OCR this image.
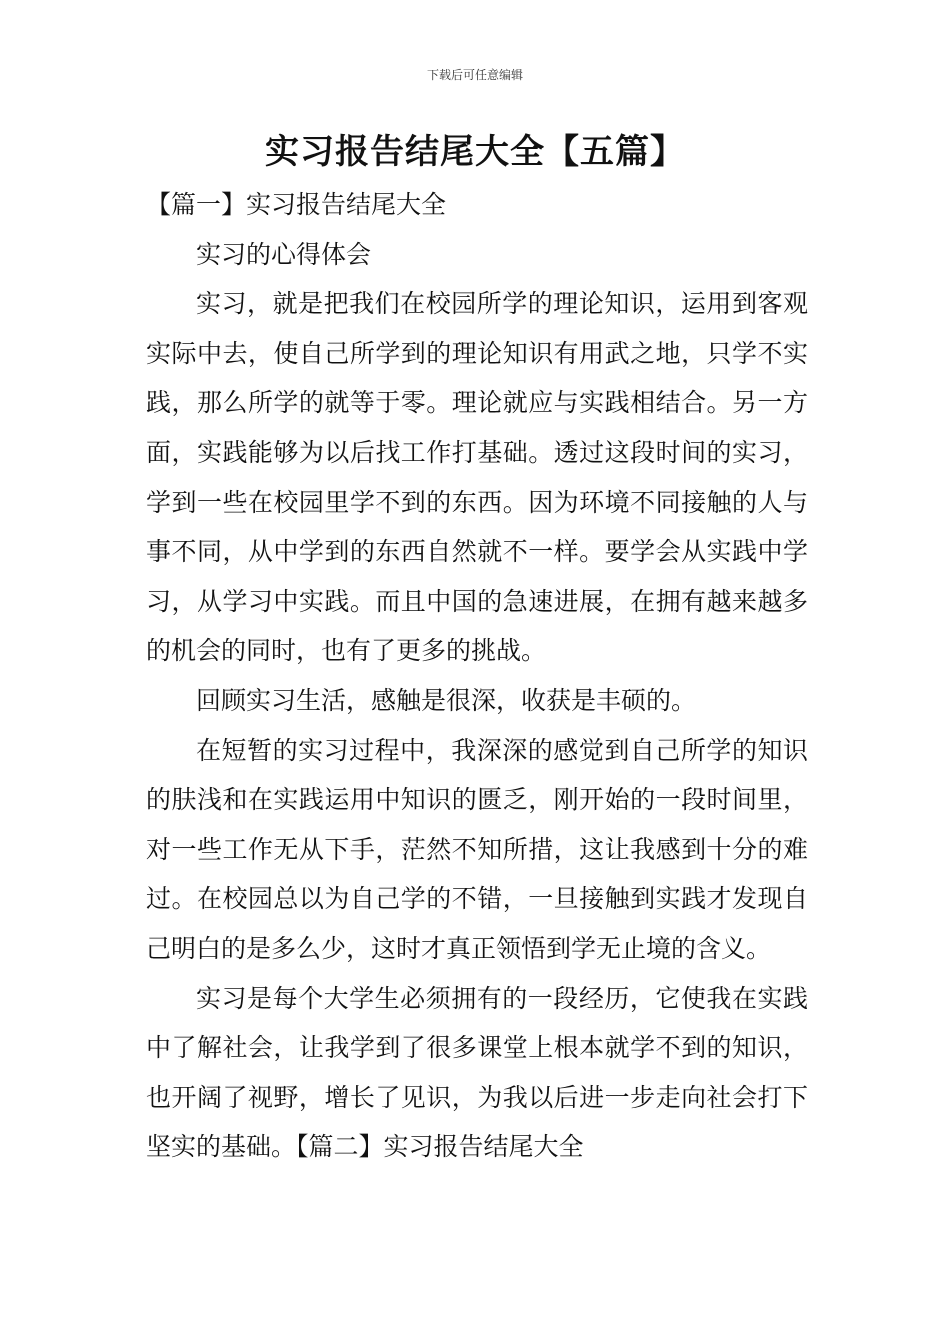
下载后可任意编辑
实习报告结尾大全【五篇】

【篇一】实习报告结尾大全

实习的心得体会

实习，就是把我们在校园所学的理论知识，运用到客观实际中去，使自己所学到的理论知识有用武之地，只学不实践，那么所学的就等于零。理论就应与实践相结合。另一方面，实践能够为以后找工作打基础。透过这段时间的实习，学到一些在校园里学不到的东西。因为环境不同接触的人与事不同，从中学到的东西自然就不一样。要学会从实践中学习，从学习中实践。而且中国的急速进展，在拥有越来越多的机会的同时，也有了更多的挑战。

回顾实习生活，感触是很深，收获是丰硕的。

在短暂的实习过程中，我深深的感觉到自己所学的知识的肤浅和在实践运用中知识的匮乏，刚开始的一段时间里，对一些工作无从下手，茫然不知所措，这让我感到十分的难过。在校园总以为自己学的不错，一旦接触到实践才发现自己明白的是多么少，这时才真正领悟到学无止境的含义。

实习是每个大学生必须拥有的一段经历，它使我在实践中了解社会，让我学到了很多课堂上根本就学不到的知识，也开阔了视野，增长了见识，为我以后进一步走向社会打下坚实的基础。【篇二】实习报告结尾大全
